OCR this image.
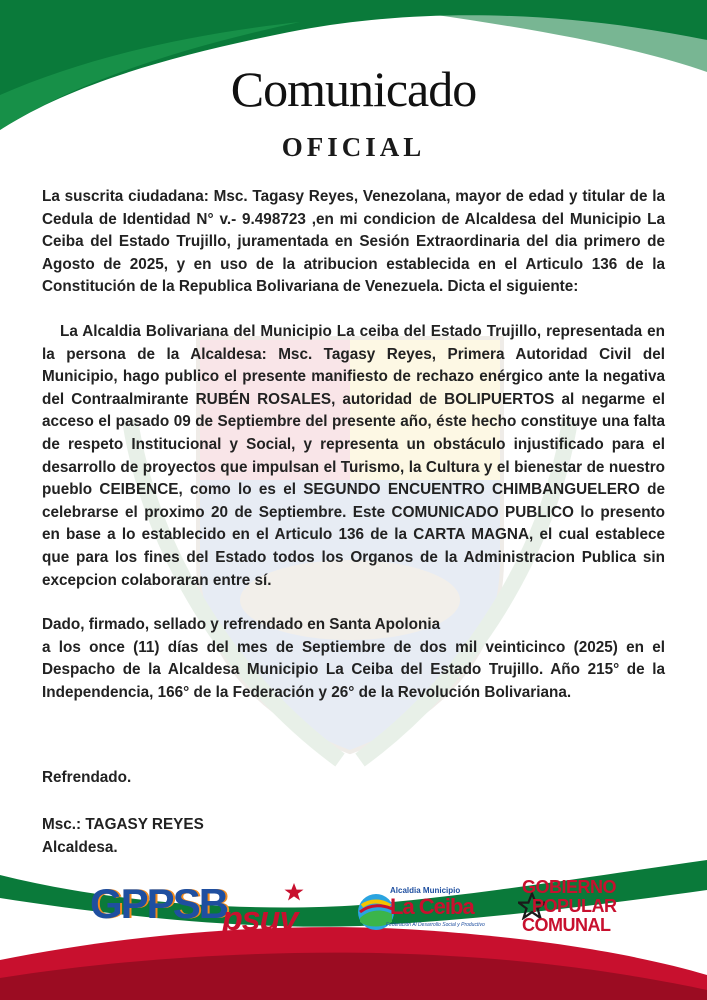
Comunicado
OFICIAL

La suscrita ciudadana: Msc. Tagasy Reyes, Venezolana, mayor de edad y titular de la Cedula de Identidad N° v.- 9.498723 ,en mi condicion de Alcaldesa del Municipio La Ceiba del Estado Trujillo, juramentada en Sesión Extraordinaria del dia primero de Agosto de 2025, y en uso de la atribucion establecida en el Articulo 136 de la Constitución de la Republica Bolivariana de Venezuela. Dicta el siguiente:

La Alcaldia Bolivariana del Municipio La ceiba del Estado Trujillo, representada en la persona de la Alcaldesa: Msc. Tagasy Reyes, Primera Autoridad Civil del Municipio, hago publico el presente manifiesto de rechazo enérgico ante la negativa del Contraalmirante RUBÉN ROSALES, autoridad de BOLIPUERTOS al negarme el acceso el pasado 09 de Septiembre del presente año, éste hecho constituye una falta de respeto Institucional y Social, y representa un obstáculo injustificado para el desarrollo de proyectos que impulsan el Turismo, la Cultura y el bienestar de nuestro pueblo CEIBENCE, como lo es el SEGUNDO ENCUENTRO CHIMBANGUELERO de celebrarse el proximo 20 de Septiembre. Este COMUNICADO PUBLICO lo presento en base a lo establecido en el Articulo 136 de la CARTA MAGNA, el cual establece que para los fines del Estado todos los Organos de la Administracion Publica sin excepcion colaboraran entre sí.

Dado, firmado, sellado y refrendado en Santa Apolonia

a los once (11) días del mes de Septiembre de dos mil veinticinco (2025) en el Despacho de la Alcaldesa Municipio La Ceiba del Estado Trujillo. Año 215° de la Independencia, 166° de la Federación y 26° de la Revolución Bolivariana.

Refrendado.
Msc.: TAGASY REYES
Alcaldesa.
GPPSB
psuv
Alcaldia Municipio
La Ceiba
Federación Al Desarrollo Social y Productivo
GOBIERNO
POPULAR
COMUNAL
